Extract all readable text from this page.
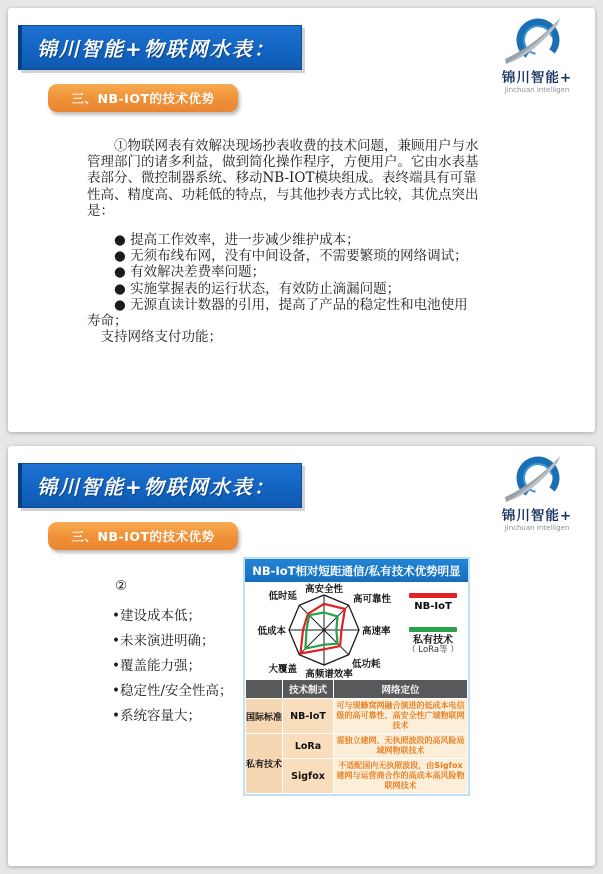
锦川智能+物联网水表：
锦川智能+
Jinchuan intelligen
三、NB-IOT的技术优势
①物联网表有效解决现场抄表收费的技术问题，兼顾用户与水管理部门的诸多利益，做到简化操作程序，方便用户。它由水表基表部分、微控制器系统、移动NB-IOT模块组成。表终端具有可靠性高、精度高、功耗低的特点，与其他抄表方式比较，其优点突出是：
● 提高工作效率，进一步减少维护成本；
● 无须布线布网，没有中间设备，不需要繁琐的网络调试；
● 有效解决差费率问题；
● 实施掌握表的运行状态，有效防止滴漏问题；
● 无源直读计数器的引用，提高了产品的稳定性和电池使用寿命；
支持网络支付功能；
锦川智能+物联网水表：
锦川智能+
Jinchuan intelligen
三、NB-IOT的技术优势
②
•建设成本低；
•未来演进明确；
•覆盖能力强；
•稳定性/安全性高；
•系统容量大；
NB-IoT相对短距通信/私有技术优势明显
高安全性
高可靠性
高速率
低功耗
高频谱效率
大覆盖
低成本
低时延
NB-IoT
私有技术
（ LoRa等 ）
	技术制式	网络定位
国际标准	NB-IoT	可与现蜂窝网融合演进的低成本电信级的高可靠性、高安全性广域物联网技术
私有技术	LoRa	需独立建网、无执照波段的高风险局域网物联技术
	Sigfox	不适配国内无执照波段，由Sigfox建网与运营商合作的高成本高风险物联网技术
